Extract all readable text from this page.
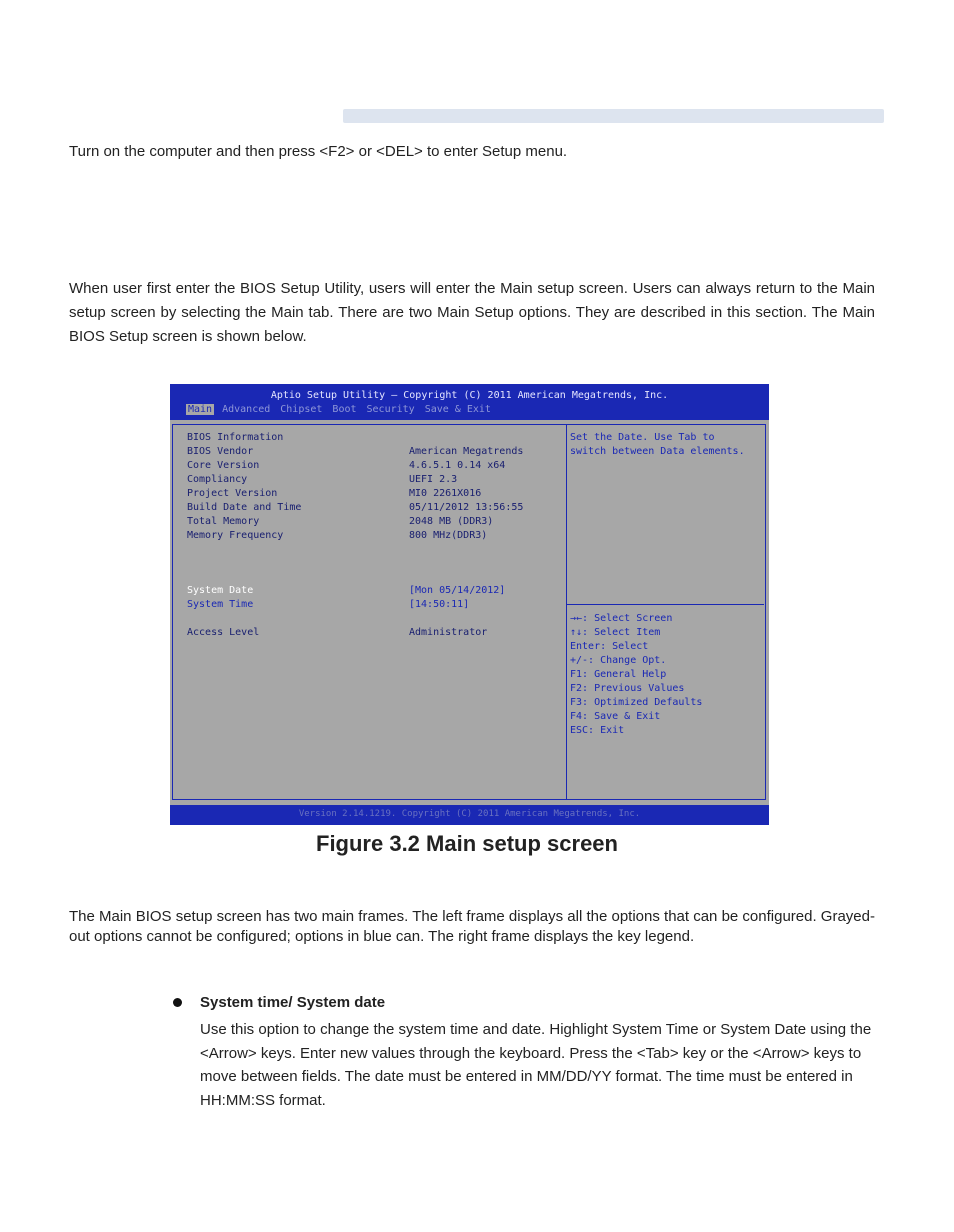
Turn on the computer and then press <F2> or <DEL> to enter Setup menu.

When user first enter the BIOS Setup Utility, users will enter the Main setup screen. Users can always return to the Main setup screen by selecting the Main tab. There are two Main Setup options. They are described in this section. The Main BIOS Setup screen is shown below.

Aptio Setup Utility – Copyright (C) 2011 American Megatrends, Inc.
Main Advanced Chipset Boot Security Save & Exit
BIOS Information
BIOS Vendor	American Megatrends
Core Version	4.6.5.1 0.14 x64
Compliancy	UEFI 2.3
Project Version	MI0 2261X016
Build Date and Time	05/11/2012 13:56:55
Total Memory	2048 MB (DDR3)
Memory Frequency	800 MHz(DDR3)
System Date	[Mon 05/14/2012]
System Time	[14:50:11]
Access Level	Administrator
Set the Date. Use Tab to
switch between Data elements.
→←: Select Screen
↑↓: Select Item
Enter: Select
+/-: Change Opt.
F1: General Help
F2: Previous Values
F3: Optimized Defaults
F4: Save & Exit
ESC: Exit
Version 2.14.1219. Copyright (C) 2011 American Megatrends, Inc.
Figure 3.2 Main setup screen

The Main BIOS setup screen has two main frames. The left frame displays all the options that can be configured. Grayed-out options cannot be configured; options in blue can. The right frame displays the key legend.

System time/ System date

Use this option to change the system time and date. Highlight System Time or System Date using the <Arrow> keys. Enter new values through the keyboard. Press the <Tab> key or the <Arrow> keys to move between fields. The date must be entered in MM/DD/YY format. The time must be entered in HH:MM:SS format.
